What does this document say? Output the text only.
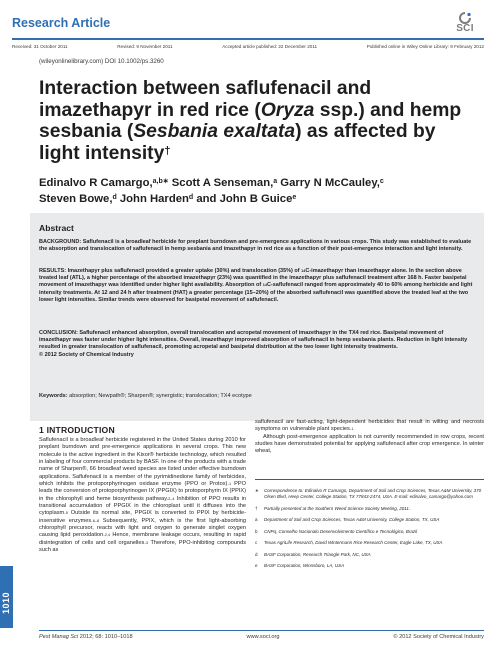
Research Article	SCI
Received: 31 October 2011	Revised: 9 November 2011	Accepted article published: 22 December 2011	Published online in Wiley Online Library: 9 February 2012
(wileyonlinelibrary.com) DOI 10.1002/ps.3260
Interaction between saflufenacil and imazethapyr in red rice (Oryza ssp.) and hemp sesbania (Sesbania exaltata) as affected by light intensity†
Edinalvo R Camargo,$^{a,b∗}$ Scott A Senseman,$^a$ Garry N McCauley,$^c$
Steven Bowe,$^d$ John Harden$^d$ and John B Guice$^e$
Abstract

BACKGROUND: Saflufenacil is a broadleaf herbicide for preplant burndown and pre-emergence applications in various crops. This study was established to evaluate the absorption and translocation of saflufenacil in hemp sesbania and imazethapyr in red rice as a function of their post-emergence interaction and light intensity.

RESULTS: Imazethapyr plus saflufenacil provided a greater uptake (30%) and translocation (35%) of $^{14}$C-imazethapyr than imazethapyr alone. In the section above treated leaf (ATL), a higher percentage of the absorbed imazethapyr (23%) was quantified in the imazethapyr plus saflufenacil treatment after 168 h. Faster basipetal movement of imazethapyr was identified under higher light availability. Absorption of $^{14}$C-saflufenacil ranged from approximately 40 to 60% among herbicide and light intensity treatments. At 12 and 24 h after treatment (HAT) a greater percentage (15–20%) of the absorbed saflufenacil was quantified above the treated leaf at the two lower light intensities. Similar trends were observed for basipetal movement of saflufenacil.

CONCLUSION: Saflufenacil enhanced absorption, overall translocation and acropetal movement of imazethapyr in the TX4 red rice. Basipetal movement of imazethapyr was faster under higher light intensities. Overall, imazethapyr improved absorption of saflufenacil in hemp sesbania plants. Reduction in light intensity resulted in greater translocation of saflufenacil, promoting acropetal and basipetal distribution at the two lower light intensity treatments.
© 2012 Society of Chemical Industry

Keywords: absorption; Newpath®; Sharpen®; synergistic; translocation; TX4 ecotype

1 INTRODUCTION

Saflufenacil is a broadleaf herbicide registered in the United States during 2010 for preplant burndown and pre-emergence applications in several crops. This new molecule is the active ingredient in the Kixor® herbicide technology, which resulted in labeling of four commercial products by BASF. In one of the products with a trade name of Sharpen®, 66 broadleaf weed species are listed under effective burndown applications. Saflufenacil is a member of the pyrimidinedione family of herbicides, which inhibits the protoporphyrinogen oxidase enzyme (PPO or Protox).$^1$ PPO leads the conversion of protoporphyrinogen IX (PPGIX) to protoporphyrin IX (PPIX) in the chlorophyll and heme biosynthesis pathway.$^{2-4}$ Inhibition of PPO results in transitional accumulation of PPGIX in the chloroplast until it diffuses into the cytoplasm.$^5$ Outside its normal site, PPGIX is converted to PPIX by herbicide-insensitive enzymes.$^{6-8}$ Subsequently, PPIX, which is the first light-absorbing chlorophyll precursor, reacts with light and oxygen to generate singlet oxygen causing lipid peroxidation.$^{2,4}$ Hence, membrane leakage occurs, resulting in rapid disintegration of cells and cell organelles.$^3$ Therefore, PPO-inhibiting compounds such as

saflufenacil are fast-acting, light-dependent herbicides that result in wilting and necrosis symptoms on vulnerable plant species.$^1$

Although post-emergence application is not currently recommended in row crops, recent studies have demonstrated potential for applying saflufenacil after crop emergence. In winter wheat,

∗	Correspondence to: Edinalvo R Camargo, Department of Soil and Crop Sciences, Texas A&M University, 370 Olsen Blvd, Heep Center, College Station, TX 77843-2474, USA. E-mail: edinalvo_camargo@yahoo.com
†	Partially presented at the Southern Weed Science Society Meeting, 2011.
a	Department of Soil and Crop Sciences, Texas A&M University, College Station, TX, USA
b	CNPq, Conselho Nacionalo Desenvolvimento Científico e Tecnológico, Brazil
c	Texas AgriLife Research, David Wintermann Rice Research Center, Eagle Lake, TX, USA
d	BASF Corporation, Research Triangle Park, NC, USA
e	BASF Corporation, Winnsboro, LA, USA
1010
Pest Manag Sci 2012; 68: 1010–1018	www.soci.org	© 2012 Society of Chemical Industry
